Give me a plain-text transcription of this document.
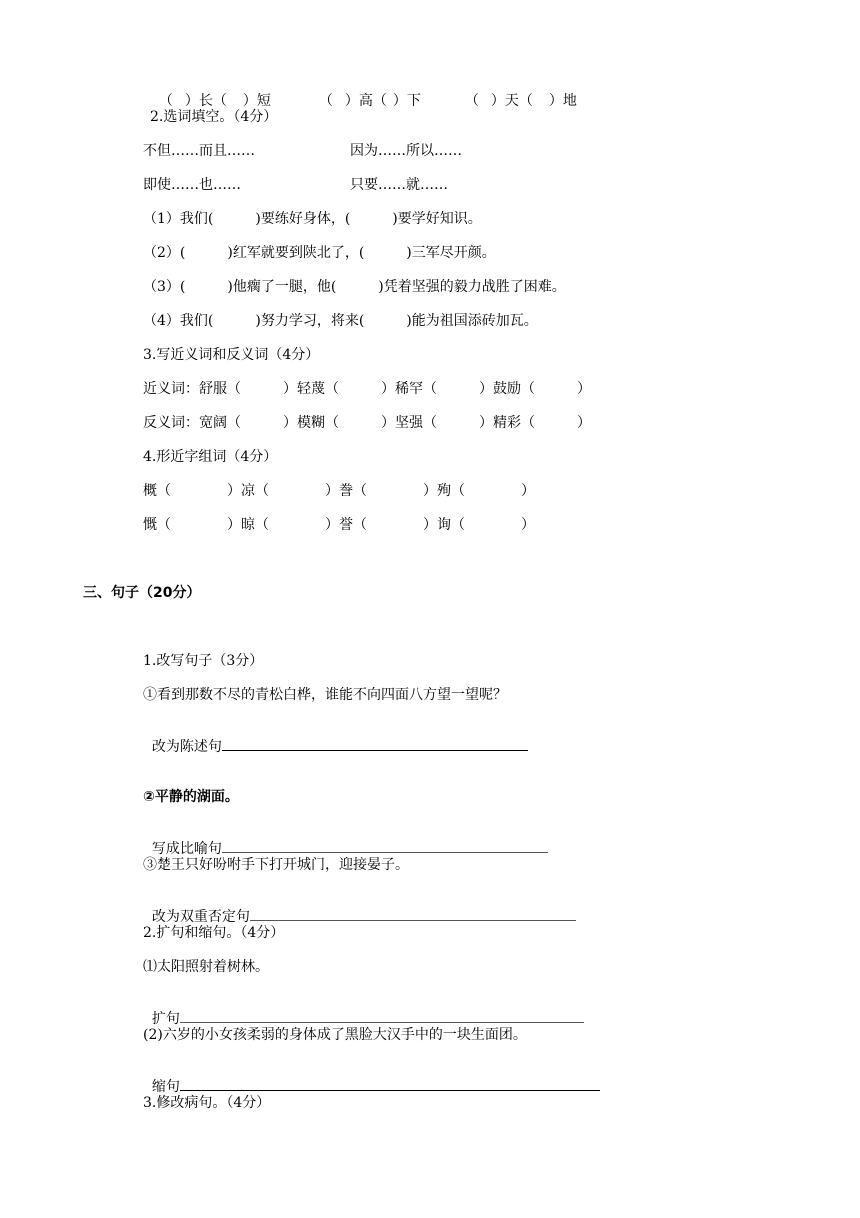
（ ）长（ ）短	（ ）高（ ）下	（ ）天（ ）地

2.选词填空。（4分）
不但……而且……	因为……所以……
即使……也……	只要……就……
（1）我们(　　　)要练好身体，(　　　)要学好知识。
（2）(　　　)红军就要到陕北了，(　　　)三军尽开颜。
（3）(　　　)他瘸了一腿，他(　　　)凭着坚强的毅力战胜了困难。
（4）我们(　　　)努力学习，将来(　　　)能为祖国添砖加瓦。
3.写近义词和反义词（4分）
近义词：舒服（　　　）轻蔑（　　　）稀罕（　　　）鼓励（　　　）
反义词：宽阔（　　　）模糊（　　　）坚强（　　　）精彩（　　　）
4.形近字组词（4分）
概（　　　　）凉（　　　　）誊（　　　　）殉（　　　　）
慨（　　　　）晾（　　　　）誉（　　　　）询（　　　　）
三、句子（20分）
1.改写句子（3分）
①看到那数不尽的青松白桦，谁能不向四面八方望一望呢？

改为陈述句

②平静的湖面。

写成比喻句

③楚王只好吩咐手下打开城门，迎接晏子。

改为双重否定句

2.扩句和缩句。（4分）
⑴太阳照射着树林。

扩句

(2)六岁的小女孩柔弱的身体成了黑脸大汉手中的一块生面团。

缩句

3.修改病句。（4分）
